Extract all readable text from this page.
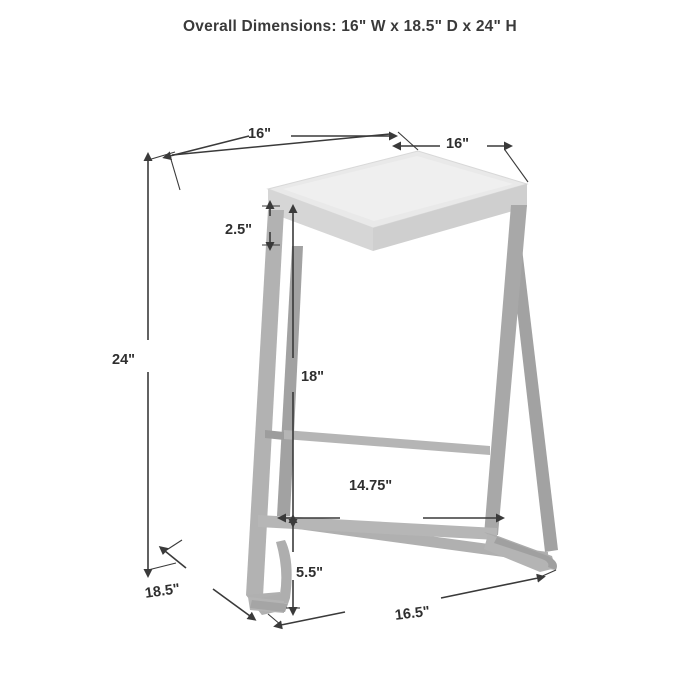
Overall Dimensions: 16" W x 18.5" D x 24" H
16"
16"
2.5"
24"
18"
14.75"
5.5"
18.5"
16.5"
